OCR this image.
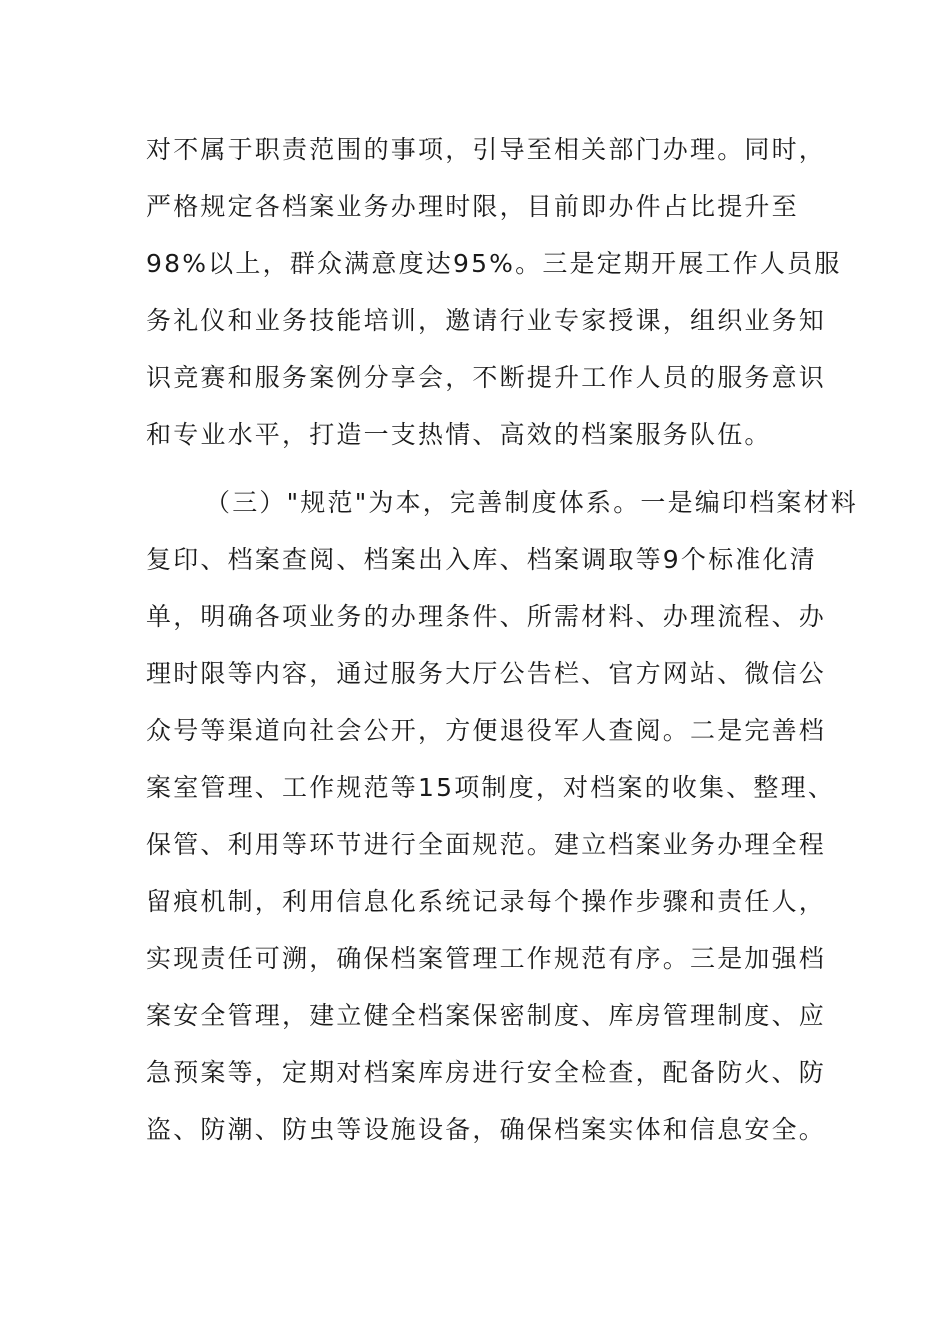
对不属于职责范围的事项，引导至相关部门办理。同时，
严格规定各档案业务办理时限，目前即办件占比提升至
98%以上，群众满意度达95%。三是定期开展工作人员服
务礼仪和业务技能培训，邀请行业专家授课，组织业务知
识竞赛和服务案例分享会，不断提升工作人员的服务意识
和专业水平，打造一支热情、高效的档案服务队伍。
（三）"规范"为本，完善制度体系。一是编印档案材料
复印、档案查阅、档案出入库、档案调取等9个标准化清
单，明确各项业务的办理条件、所需材料、办理流程、办
理时限等内容，通过服务大厅公告栏、官方网站、微信公
众号等渠道向社会公开，方便退役军人查阅。二是完善档
案室管理、工作规范等15项制度，对档案的收集、整理、
保管、利用等环节进行全面规范。建立档案业务办理全程
留痕机制，利用信息化系统记录每个操作步骤和责任人，
实现责任可溯，确保档案管理工作规范有序。三是加强档
案安全管理，建立健全档案保密制度、库房管理制度、应
急预案等，定期对档案库房进行安全检查，配备防火、防
盗、防潮、防虫等设施设备，确保档案实体和信息安全。
